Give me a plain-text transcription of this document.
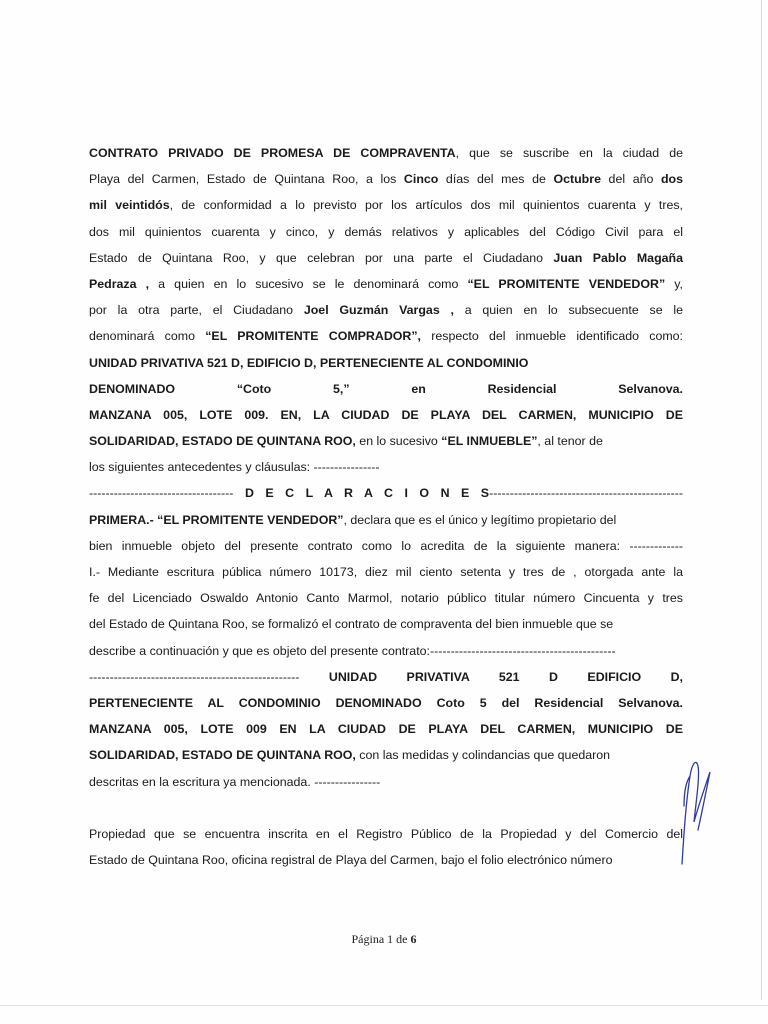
CONTRATO PRIVADO DE PROMESA DE COMPRAVENTA, que se suscribe en la ciudad de
Playa del Carmen, Estado de Quintana Roo, a los Cinco días del mes de Octubre del año dos
mil veintidós, de conformidad a lo previsto por los artículos dos mil quinientos cuarenta y tres,
dos mil quinientos cuarenta y cinco, y demás relativos y aplicables del Código Civil para el
Estado de Quintana Roo, y que celebran por una parte el Ciudadano Juan Pablo Magaña
Pedraza , a quien en lo sucesivo se le denominará como “EL PROMITENTE VENDEDOR” y,
por la otra parte, el Ciudadano Joel Guzmán Vargas , a quien en lo subsecuente se le
denominará como “EL PROMITENTE COMPRADOR”, respecto del inmueble identificado como:
UNIDAD PRIVATIVA 521 D, EDIFICIO D, PERTENECIENTE AL CONDOMINIO
DENOMINADO “Coto 5,” en Residencial Selvanova.
MANZANA 005, LOTE 009. EN, LA CIUDAD DE PLAYA DEL CARMEN, MUNICIPIO DE
SOLIDARIDAD, ESTADO DE QUINTANA ROO, en lo sucesivo “EL INMUEBLE”, al tenor de
los siguientes antecedentes y cláusulas: ----------------
----------------------------------- D E C L A R A C I O N E S-----------------------------------------------
PRIMERA.- “EL PROMITENTE VENDEDOR”, declara que es el único y legítimo propietario del
bien inmueble objeto del presente contrato como lo acredita de la siguiente manera: -------------
I.- Mediante escritura pública número 10173, diez mil ciento setenta y tres de , otorgada ante la
fe del Licenciado Oswaldo Antonio Canto Marmol, notario público titular número Cincuenta y tres
del Estado de Quintana Roo, se formalizó el contrato de compraventa del bien inmueble que se
describe a continuación y que es objeto del presente contrato:---------------------------------------------
--------------------------------------------------- UNIDAD PRIVATIVA 521 D EDIFICIO D,
PERTENECIENTE AL CONDOMINIO DENOMINADO Coto 5 del Residencial Selvanova.
MANZANA 005, LOTE 009 EN LA CIUDAD DE PLAYA DEL CARMEN, MUNICIPIO DE
SOLIDARIDAD, ESTADO DE QUINTANA ROO, con las medidas y colindancias que quedaron
descritas en la escritura ya mencionada. ----------------
Propiedad que se encuentra inscrita en el Registro Público de la Propiedad y del Comercio del
Estado de Quintana Roo, oficina registral de Playa del Carmen, bajo el folio electrónico número
Página 1 de 6
